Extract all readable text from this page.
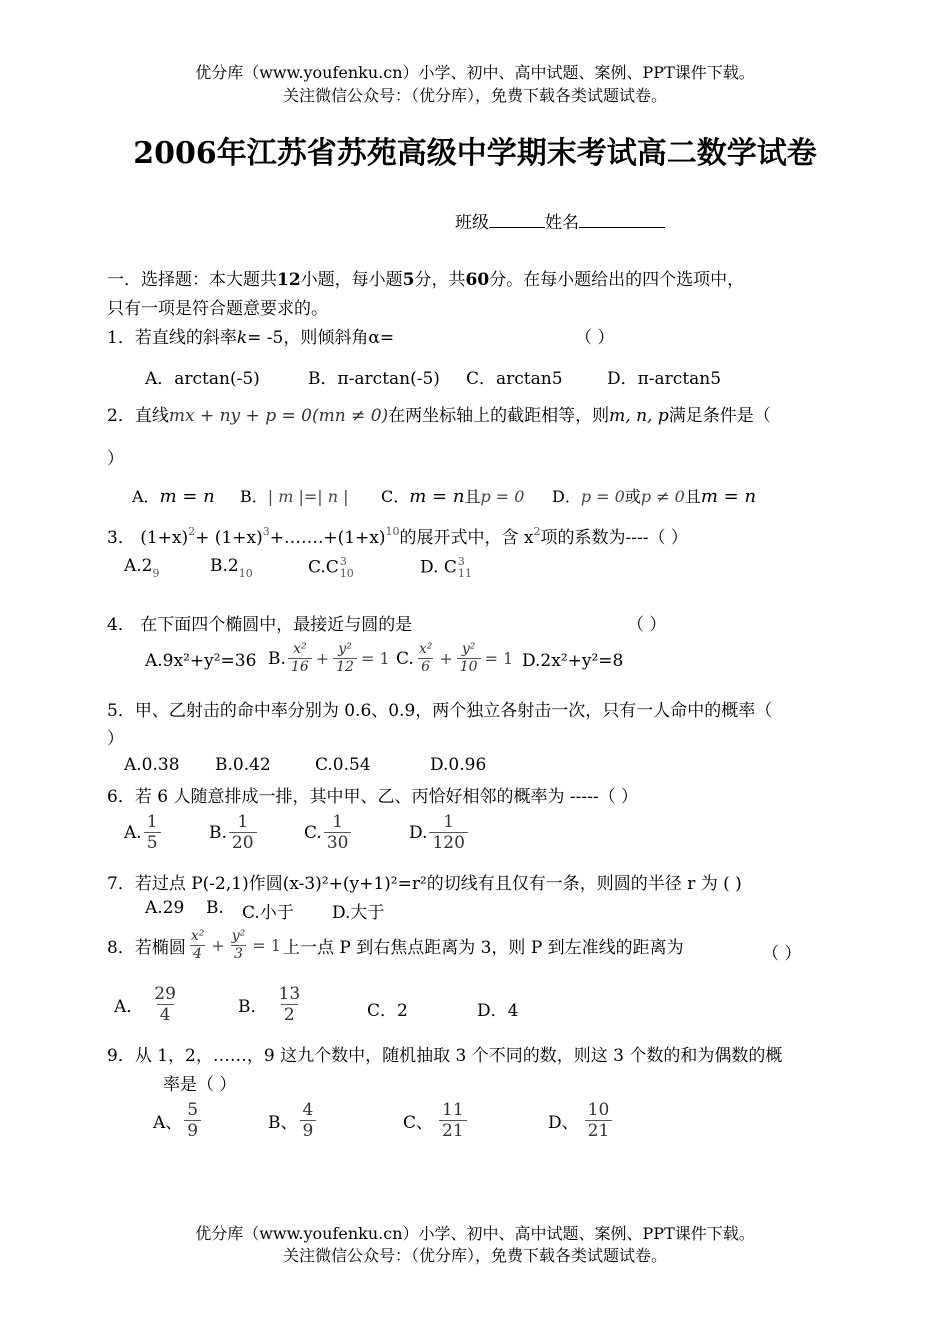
优分库（www.youfenku.cn）小学、初中、高中试题、案例、PPT课件下载。
关注微信公众号：（优分库），免费下载各类试题试卷。
2006年江苏省苏苑高级中学期末考试高二数学试卷
班级	姓名
一．选择题：本大题共12小题，每小题5分，共60分。在每小题给出的四个选项中，
只有一项是符合题意要求的。
1．若直线的斜率k= -5，则倾斜角α=	（ ）
A．arctan(-5)	B．π-arctan(-5) C．arctan5	D．π-arctan5
2．直线mx + ny + p = 0(mn ≠ 0)在两坐标轴上的截距相等，则m, n, p满足条件是（
）
A．m = n B．| m |=| n | C．m = n且p = 0 D．p = 0或p ≠ 0且m = n
3． $(1+x)^2+$ $(1+x)^3+\dots\dots.+(1+x)^{10}$的展开式中，含 $x^2$项的系数为----（ ）
$A.2_9$	$B.2_{10}$	C.C 3
10	D. C 3
11
4． 在下面四个椭圆中，最接近与圆的是	（ ）
A.9x²+y²=36 B. $\frac{\text{x²}}{16} + \frac{\text{y²}}{12} = 1$ C. $\frac{\text{x²}}{6} + \frac{\text{y²}}{10} = 1$ D.2x²+y²=8
5．甲、乙射击的命中率分别为 0.6、0.9，两个独立各射击一次，只有一人命中的概率（
）
A.0.38 B.0.42	C.0.54	D.0.96
6．若 6 人随意排成一排，其中甲、乙、丙恰好相邻的概率为 -----（ ）
A. $\frac{1}{5}$	B. $\frac{1}{20}$	C. $\frac{1}{30}$	D. $\frac{1}{120}$
7．若过点 P(-2,1)作圆(x-3)²+(y+1)²=r²的切线有且仅有一条，则圆的半径 r 为 ( )
A.29 B. C.小于 D.大于
8．若椭圆 $\frac{\text{x²}}{4} + \frac{\text{y²}}{3} = 1$ 上一点 P 到右焦点距离为 3，则 P 到左准线的距离为	（ ）
A． $\frac{29}{4}$	B． $\frac{13}{2}$	C．2	D．4
9．从 1，2，……，9 这九个数中，随机抽取 3 个不同的数，则这 3 个数的和为偶数的概
率是（ ）
A、 $\frac{5}{9}$	B、 $\frac{4}{9}$	C、 $\frac{11}{21}$	D、 $\frac{10}{21}$
优分库（www.youfenku.cn）小学、初中、高中试题、案例、PPT课件下载。
关注微信公众号：（优分库），免费下载各类试题试卷。
